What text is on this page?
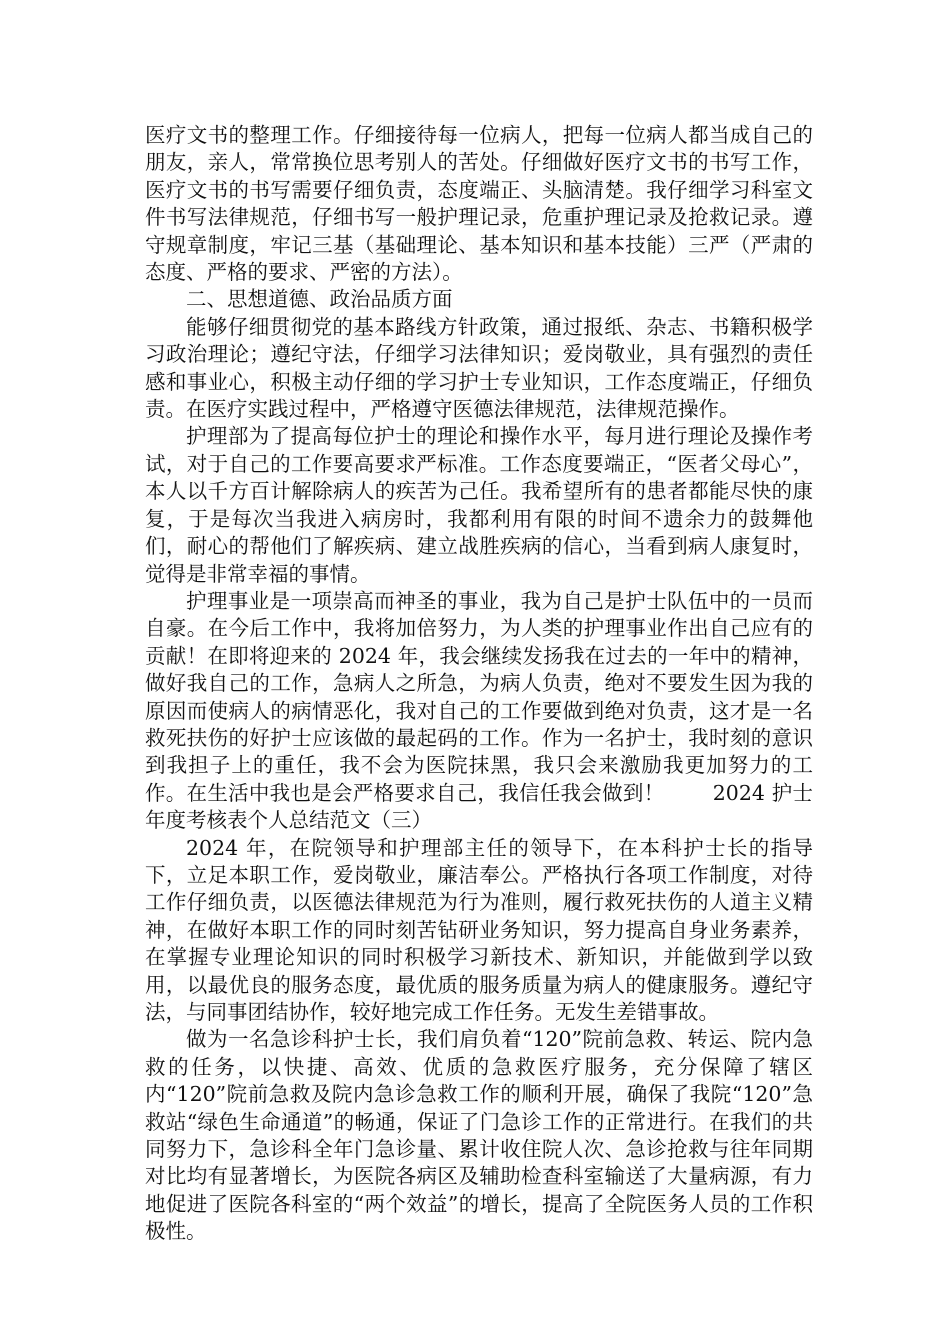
医疗文书的整理工作。仔细接待每一位病人，把每一位病人都当成自己的朋友，亲人，常常换位思考别人的苦处。仔细做好医疗文书的书写工作，医疗文书的书写需要仔细负责，态度端正、头脑清楚。我仔细学习科室文件书写法律规范，仔细书写一般护理记录，危重护理记录及抢救记录。遵守规章制度，牢记三基（基础理论、基本知识和基本技能）三严（严肃的态度、严格的要求、严密的方法）。

二、思想道德、政治品质方面

能够仔细贯彻党的基本路线方针政策，通过报纸、杂志、书籍积极学习政治理论；遵纪守法，仔细学习法律知识；爱岗敬业，具有强烈的责任感和事业心，积极主动仔细的学习护士专业知识，工作态度端正，仔细负责。在医疗实践过程中，严格遵守医德法律规范，法律规范操作。

护理部为了提高每位护士的理论和操作水平，每月进行理论及操作考试，对于自己的工作要高要求严标准。工作态度要端正，“医者父母心”，本人以千方百计解除病人的疾苦为己任。我希望所有的患者都能尽快的康复，于是每次当我进入病房时，我都利用有限的时间不遗余力的鼓舞他们，耐心的帮他们了解疾病、建立战胜疾病的信心，当看到病人康复时，觉得是非常幸福的事情。

护理事业是一项崇高而神圣的事业，我为自己是护士队伍中的一员而自豪。在今后工作中，我将加倍努力，为人类的护理事业作出自己应有的贡献！在即将迎来的 2024 年，我会继续发扬我在过去的一年中的精神，做好我自己的工作，急病人之所急，为病人负责，绝对不要发生因为我的原因而使病人的病情恶化，我对自己的工作要做到绝对负责，这才是一名救死扶伤的好护士应该做的最起码的工作。作为一名护士，我时刻的意识到我担子上的重任，我不会为医院抹黑，我只会来激励我更加努力的工作。在生活中我也是会严格要求自己，我信任我会做到！　　 2024 护士年度考核表个人总结范文（三）

2024 年，在院领导和护理部主任的领导下，在本科护士长的指导下，立足本职工作，爱岗敬业，廉洁奉公。严格执行各项工作制度，对待工作仔细负责，以医德法律规范为行为准则，履行救死扶伤的人道主义精神，在做好本职工作的同时刻苦钻研业务知识，努力提高自身业务素养，在掌握专业理论知识的同时积极学习新技术、新知识，并能做到学以致用，以最优良的服务态度，最优质的服务质量为病人的健康服务。遵纪守法，与同事团结协作，较好地完成工作任务。无发生差错事故。

做为一名急诊科护士长，我们肩负着“120”院前急救、转运、院内急救的任务，以快捷、高效、优质的急救医疗服务，充分保障了辖区内“120”院前急救及院内急诊急救工作的顺利开展，确保了我院“120”急救站“绿色生命通道”的畅通，保证了门急诊工作的正常进行。在我们的共同努力下，急诊科全年门急诊量、累计收住院人次、急诊抢救与往年同期对比均有显著增长，为医院各病区及辅助检查科室输送了大量病源，有力地促进了医院各科室的“两个效益”的增长，提高了全院医务人员的工作积极性。
